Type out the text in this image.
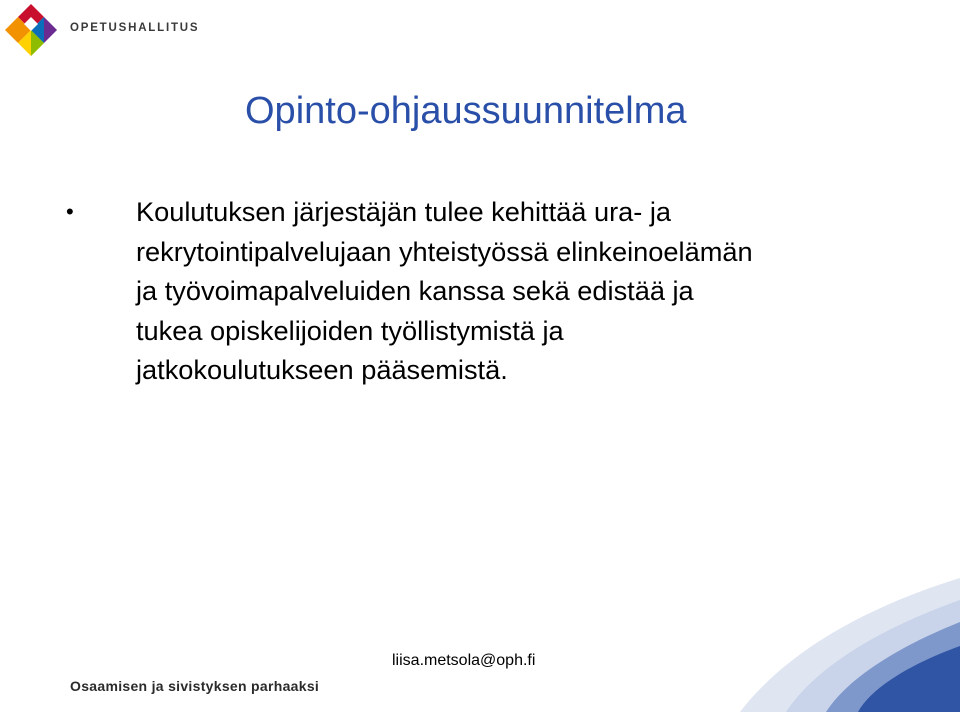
OPETUSHALLITUS
Opinto-ohjaussuunnitelma
• Koulutuksen järjestäjän tulee kehittää ura- ja
rekrytointipalvelujaan yhteistyössä elinkeinoelämän
ja työvoimapalveluiden kanssa sekä edistää ja
tukea opiskelijoiden työllistymistä ja
jatkokoulutukseen pääsemistä.
liisa.metsola@oph.fi
Osaamisen ja sivistyksen parhaaksi
